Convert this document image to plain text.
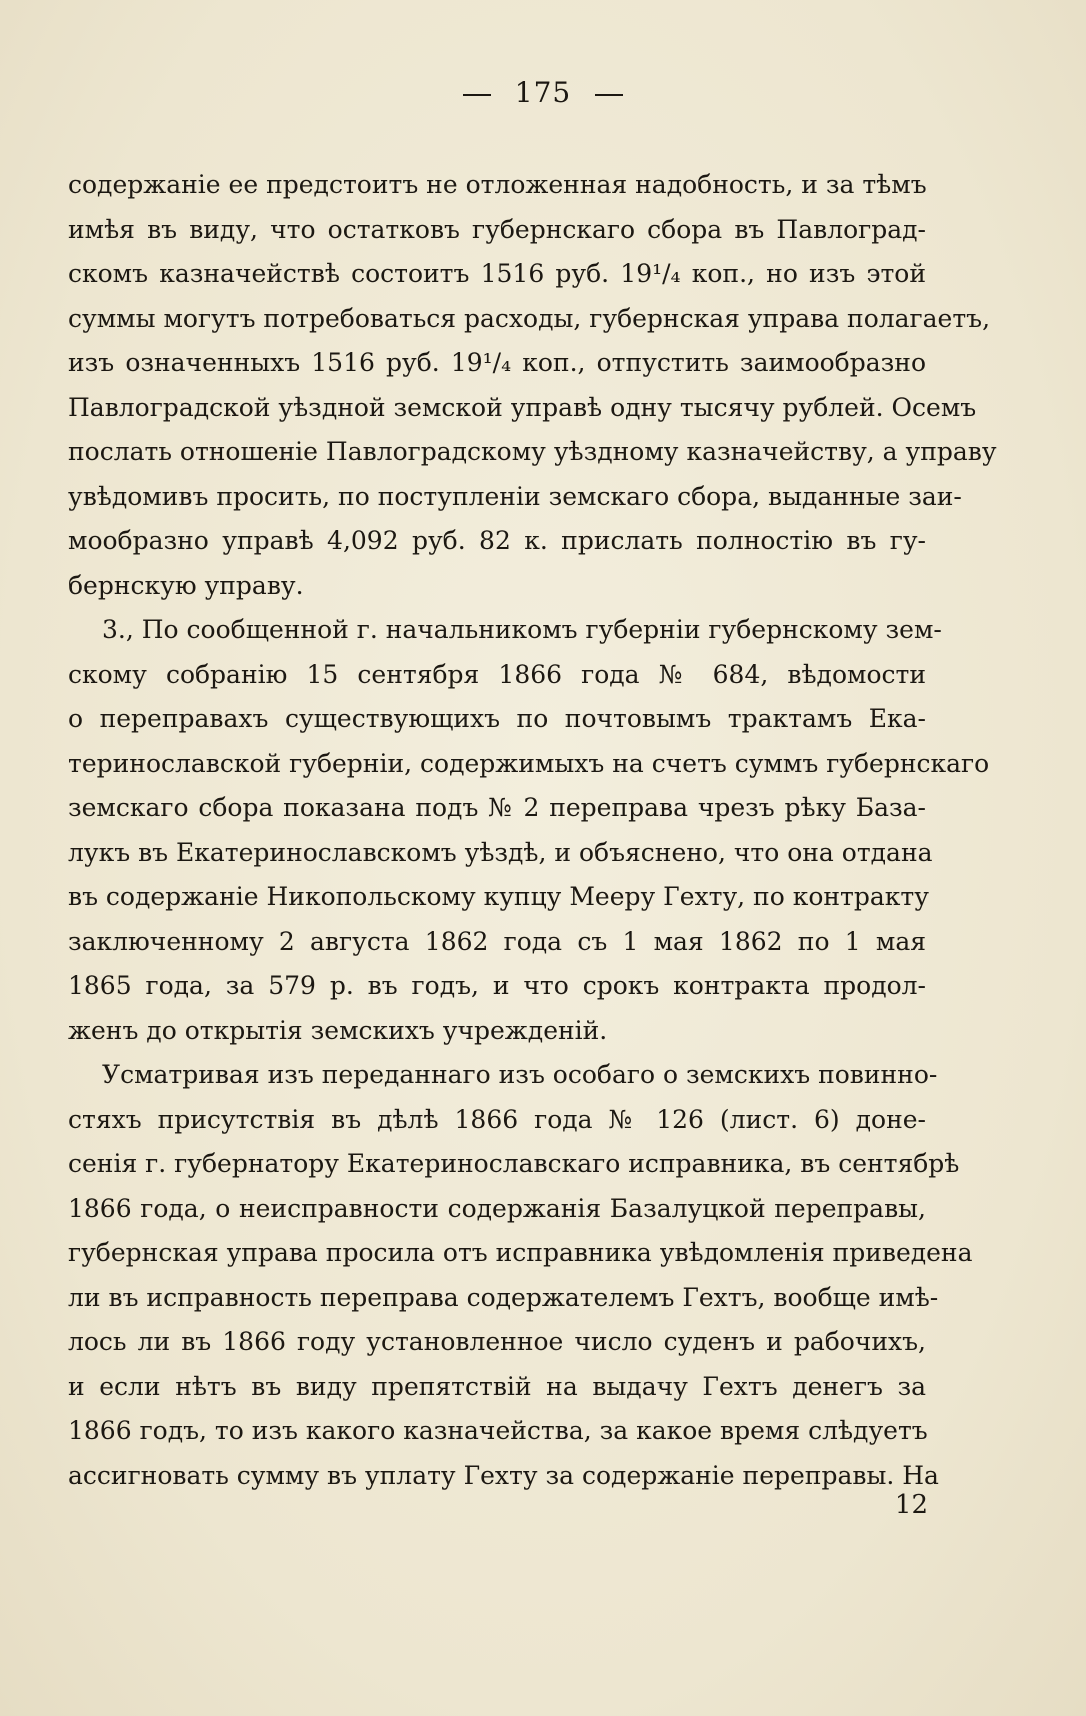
175
содержаніе ее предстоитъ не отложенная надобность, и за тѣмъ
имѣя въ виду, что остатковъ губернскаго сбора въ Павлоград-
скомъ казначействѣ состоитъ 1516 руб. 19¹/₄ коп., но изъ этой
суммы могутъ потребоваться расходы, губернская управа полагаетъ,
изъ означенныхъ 1516 руб. 19¹/₄ коп., отпустить заимообразно
Павлоградской уѣздной земской управѣ одну тысячу рублей. Осемъ
послать отношеніе Павлоградскому уѣздному казначейству, а управу
увѣдомивъ просить, по поступленіи земскаго сбора, выданные заи-
мообразно управѣ 4,092 руб. 82 к. прислать полностію въ гу-
бернскую управу.
3., По сообщенной г. начальникомъ губерніи губернскому зем-
скому собранію 15 сентября 1866 года № 684, вѣдомости
о переправахъ существующихъ по почтовымъ трактамъ Ека-
теринославской губерніи, содержимыхъ на счетъ суммъ губернскаго
земскаго сбора показана подъ № 2 переправа чрезъ рѣку База-
лукъ въ Екатеринославскомъ уѣздѣ, и объяснено, что она отдана
въ содержаніе Никопольскому купцу Мееру Гехту, по контракту
заключенному 2 августа 1862 года съ 1 мая 1862 по 1 мая
1865 года, за 579 р. въ годъ, и что срокъ контракта продол-
женъ до открытія земскихъ учрежденій.
Усматривая изъ переданнаго изъ особаго о земскихъ повинно-
стяхъ присутствія въ дѣлѣ 1866 года № 126 (лист. 6) доне-
сенія г. губернатору Екатеринославскаго исправника, въ сентябрѣ
1866 года, о неисправности содержанія Базалуцкой переправы,
губернская управа просила отъ исправника увѣдомленія приведена
ли въ исправность переправа содержателемъ Гехтъ, вообще имѣ-
лось ли въ 1866 году установленное число суденъ и рабочихъ,
и если нѣтъ въ виду препятствій на выдачу Гехтъ денегъ за
1866 годъ, то изъ какого казначейства, за какое время слѣдуетъ
ассигновать сумму въ уплату Гехту за содержаніе переправы. На
12
